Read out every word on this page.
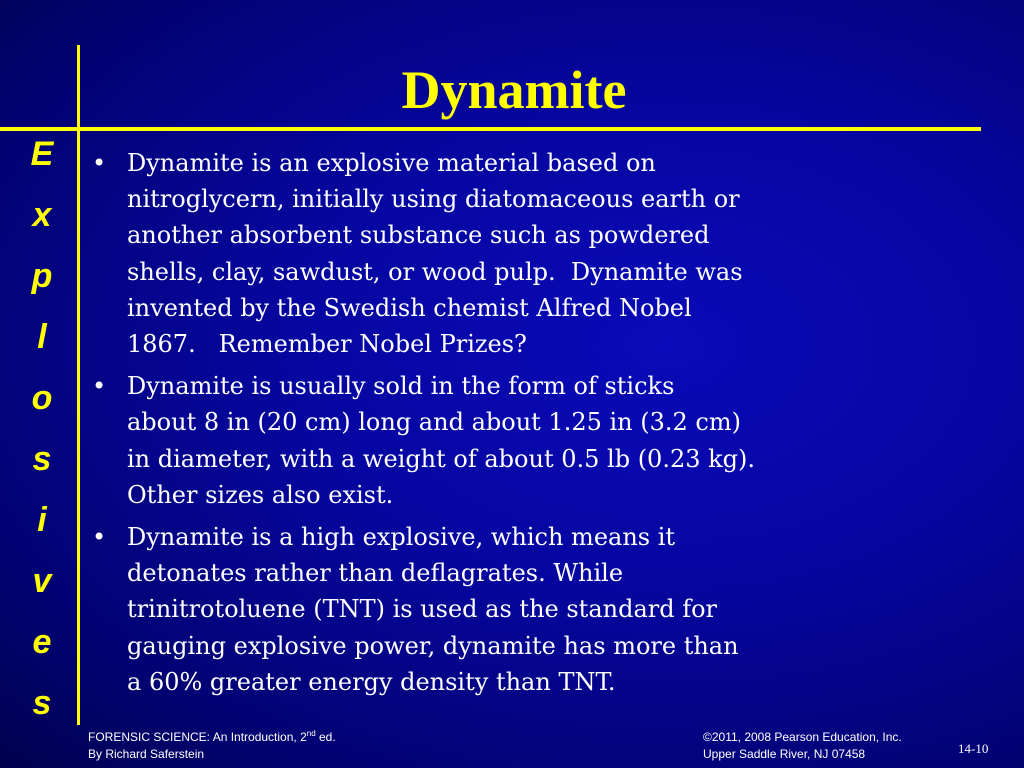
Dynamite
E
x
p
l
o
s
i
v
e
s
• Dynamite is an explosive material based on
nitroglycern, initially using diatomaceous earth or
another absorbent substance such as powdered
shells, clay, sawdust, or wood pulp.  Dynamite was
invented by the Swedish chemist Alfred Nobel
1867.   Remember Nobel Prizes?
• Dynamite is usually sold in the form of sticks
about 8 in (20 cm) long and about 1.25 in (3.2 cm)
in diameter, with a weight of about 0.5 lb (0.23 kg).
Other sizes also exist.
• Dynamite is a high explosive, which means it
detonates rather than deflagrates. While
trinitrotoluene (TNT) is used as the standard for
gauging explosive power, dynamite has more than
a 60% greater energy density than TNT.
FORENSIC SCIENCE: An Introduction, 2nd ed.
By Richard Saferstein
©2011, 2008 Pearson Education, Inc.
Upper Saddle River, NJ 07458	14-10
